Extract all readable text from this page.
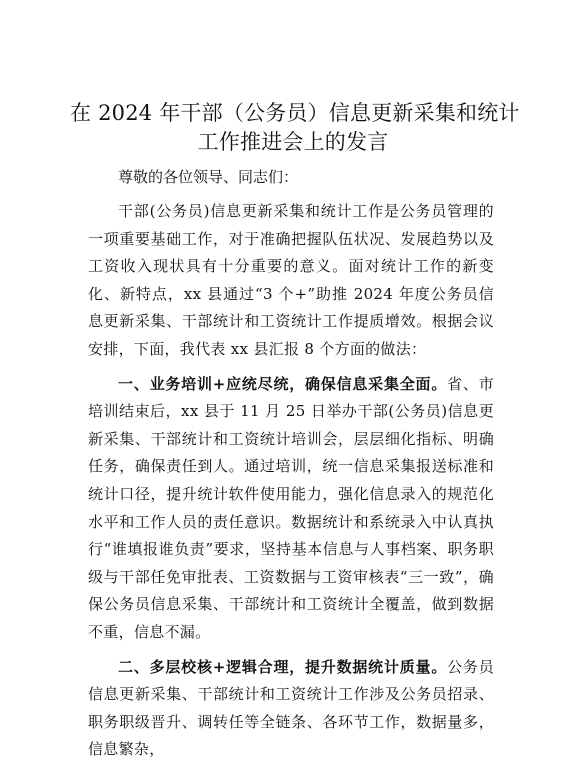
在 2024 年干部（公务员）信息更新采集和统计
工作推进会上的发言

尊敬的各位领导、同志们：

干部(公务员)信息更新采集和统计工作是公务员管理的一项重要基础工作，对于准确把握队伍状况、发展趋势以及工资收入现状具有十分重要的意义。面对统计工作的新变化、新特点，xx 县通过“3 个+”助推 2024 年度公务员信息更新采集、干部统计和工资统计工作提质增效。根据会议安排，下面，我代表 xx 县汇报 8 个方面的做法：

一、业务培训+应统尽统，确保信息采集全面。省、市培训结束后，xx 县于 11 月 25 日举办干部(公务员)信息更新采集、干部统计和工资统计培训会，层层细化指标、明确任务，确保责任到人。通过培训，统一信息采集报送标准和统计口径，提升统计软件使用能力，强化信息录入的规范化水平和工作人员的责任意识。数据统计和系统录入中认真执行“谁填报谁负责”要求，坚持基本信息与人事档案、职务职级与干部任免审批表、工资数据与工资审核表“三一致”，确保公务员信息采集、干部统计和工资统计全覆盖，做到数据不重，信息不漏。

二、多层校核+逻辑合理，提升数据统计质量。公务员信息更新采集、干部统计和工资统计工作涉及公务员招录、职务职级晋升、调转任等全链条、各环节工作，数据量多，信息繁杂，
